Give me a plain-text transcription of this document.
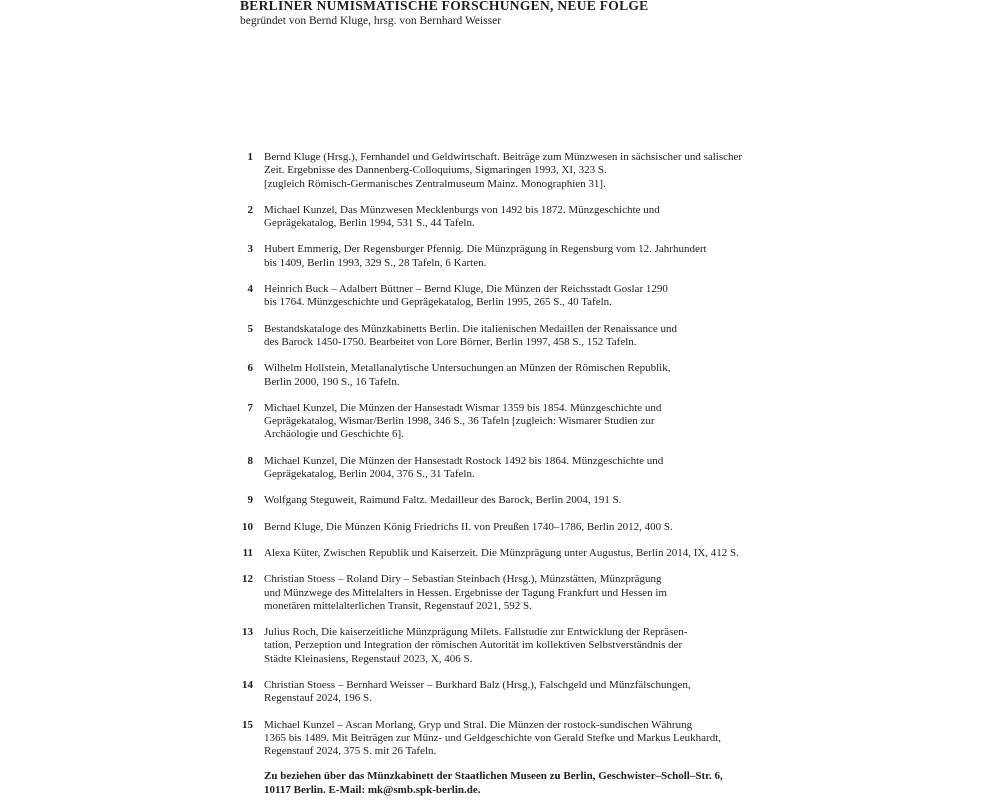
BERLINER NUMISMATISCHE FORSCHUNGEN, NEUE FOLGE

begründet von Bernd Kluge, hrsg. von Bernhard Weisser

1 Bernd Kluge (Hrsg.), Fernhandel und Geldwirtschaft. Beiträge zum Münzwesen in sächsischer und salischer
Zeit. Ergebnisse des Dannenberg-Colloquiums, Sigmaringen 1993, XI, 323 S.
[zugleich Römisch-Germanisches Zentralmuseum Mainz. Monographien 31].
2 Michael Kunzel, Das Münzwesen Mecklenburgs von 1492 bis 1872. Münzgeschichte und
Geprägekatalog, Berlin 1994, 531 S., 44 Tafeln.
3 Hubert Emmerig, Der Regensburger Pfennig. Die Münzprägung in Regensburg vom 12. Jahrhundert
bis 1409, Berlin 1993, 329 S., 28 Tafeln, 6 Karten.
4 Heinrich Buck – Adalbert Büttner – Bernd Kluge, Die Münzen der Reichsstadt Goslar 1290
bis 1764. Münzgeschichte und Geprägekatalog, Berlin 1995, 265 S., 40 Tafeln.
5 Bestandskataloge des Münzkabinetts Berlin. Die italienischen Medaillen der Renaissance und
des Barock 1450-1750. Bearbeitet von Lore Börner, Berlin 1997, 458 S., 152 Tafeln.
6 Wilhelm Hollstein, Metallanalytische Untersuchungen an Münzen der Römischen Republik,
Berlin 2000, 190 S., 16 Tafeln.
7 Michael Kunzel, Die Münzen der Hansestadt Wismar 1359 bis 1854. Münzgeschichte und
Geprägekatalog, Wismar/Berlin 1998, 346 S., 36 Tafeln [zugleich: Wismarer Studien zur
Archäologie und Geschichte 6].
8 Michael Kunzel, Die Münzen der Hansestadt Rostock 1492 bis 1864. Münzgeschichte und
Geprägekatalog, Berlin 2004, 376 S., 31 Tafeln.
9 Wolfgang Steguweit, Raimund Faltz. Medailleur des Barock, Berlin 2004, 191 S.
10 Bernd Kluge, Die Münzen König Friedrichs II. von Preußen 1740–1786, Berlin 2012, 400 S.
11 Alexa Küter, Zwischen Republik und Kaiserzeit. Die Münzprägung unter Augustus, Berlin 2014, IX, 412 S.
12 Christian Stoess – Roland Diry – Sebastian Steinbach (Hrsg.), Münzstätten, Münzprägung
und Münzwege des Mittelalters in Hessen. Ergebnisse der Tagung Frankfurt und Hessen im
monetären mittelalterlichen Transit, Regenstauf 2021, 592 S.
13 Julius Roch, Die kaiserzeitliche Münzprägung Milets. Fallstudie zur Entwicklung der Repräsen-
tation, Perzeption und Integration der römischen Autorität im kollektiven Selbstverständnis der
Städte Kleinasiens, Regenstauf 2023, X, 406 S.
14 Christian Stoess – Bernhard Weisser – Burkhard Balz (Hrsg.), Falschgeld und Münzfälschungen,
Regenstauf 2024, 196 S.
15 Michael Kunzel – Ascan Morlang, Gryp und Stral. Die Münzen der rostock-sundischen Währung
1365 bis 1489. Mit Beiträgen zur Münz- und Geldgeschichte von Gerald Stefke und Markus Leukhardt,
Regenstauf 2024, 375 S. mit 26 Tafeln.
Zu beziehen über das Münzkabinett der Staatlichen Museen zu Berlin, Geschwister–Scholl–Str. 6,
10117 Berlin. E-Mail: mk@smb.spk-berlin.de.
